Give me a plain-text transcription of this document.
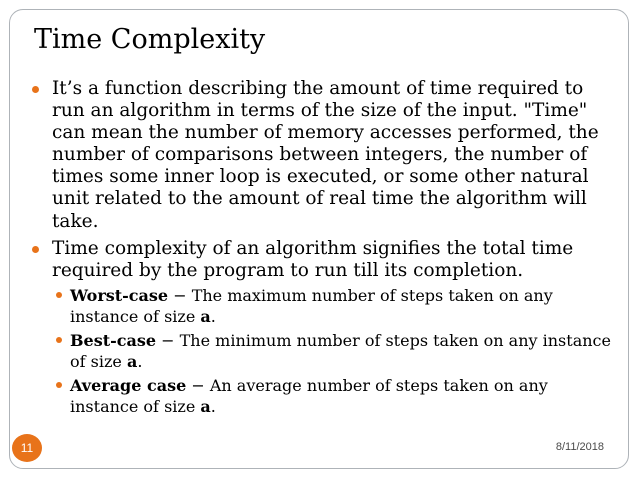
Time Complexity
It’s a function describing the amount of time required to run an algorithm in terms of the size of the input. "Time" can mean the number of memory accesses performed, the number of comparisons between integers, the number of times some inner loop is executed, or some other natural unit related to the amount of real time the algorithm will take.
Time complexity of an algorithm signifies the total time required by the program to run till its completion.
Worst-case − The maximum number of steps taken on any instance of size a.
Best-case − The minimum number of steps taken on any instance of size a.
Average case − An average number of steps taken on any instance of size a.
11	8/11/2018
